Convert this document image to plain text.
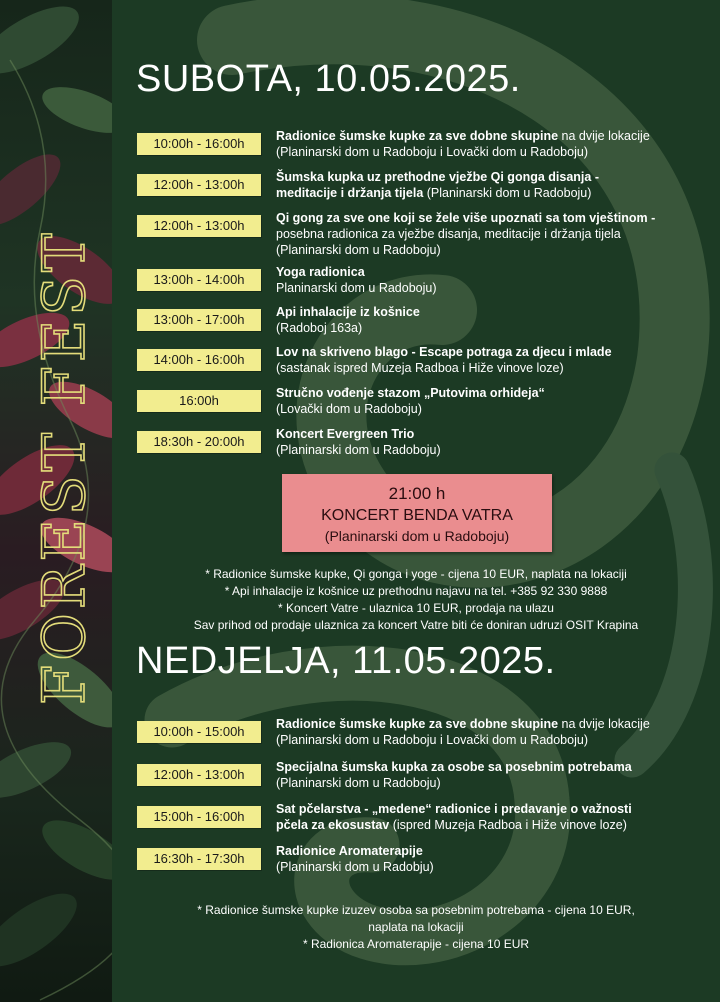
FOREST FEST
SUBOTA, 10.05.2025.
10:00h - 16:00h	Radionice šumske kupke za sve dobne skupine na dvije lokacije
(Planinarski dom u Radoboju i Lovački dom u Radoboju)
12:00h - 13:00h	Šumska kupka uz prethodne vježbe Qi gonga disanja -
meditacije i držanja tijela (Planinarski dom u Radoboju)
12:00h - 13:00h	Qi gong za sve one koji se žele više upoznati sa tom vještinom -
posebna radionica za vježbe disanja, meditacije i držanja tijela
(Planinarski dom u Radoboju)
13:00h - 14:00h	Yoga radionica
Planinarski dom u Radoboju)
13:00h - 17:00h	Api inhalacije iz košnice
(Radoboj 163a)
14:00h - 16:00h	Lov na skriveno blago - Escape potraga za djecu i mlade
(sastanak ispred Muzeja Radboa i Hiže vinove loze)
16:00h	Stručno vođenje stazom „Putovima orhideja“
(Lovački dom u Radoboju)
18:30h - 20:00h	Koncert Evergreen Trio
(Planinarski dom u Radoboju)
21:00 h
KONCERT BENDA VATRA
(Planinarski dom u Radoboju)
* Radionice šumske kupke, Qi gonga i yoge - cijena 10 EUR, naplata na lokaciji
* Api inhalacije iz košnice uz prethodnu najavu na tel. +385 92 330 9888
* Koncert Vatre - ulaznica 10 EUR, prodaja na ulazu
Sav prihod od prodaje ulaznica za koncert Vatre biti će doniran udruzi OSIT Krapina
NEDJELJA, 11.05.2025.
10:00h - 15:00h	Radionice šumske kupke za sve dobne skupine na dvije lokacije
(Planinarski dom u Radoboju i Lovački dom u Radoboju)
12:00h - 13:00h	Specijalna šumska kupka za osobe sa posebnim potrebama
(Planinarski dom u Radoboju)
15:00h - 16:00h	Sat pčelarstva - „medene“ radionice i predavanje o važnosti
pčela za ekosustav (ispred Muzeja Radboa i Hiže vinove loze)
16:30h - 17:30h	Radionice Aromaterapije
(Planinarski dom u Radobju)
* Radionice šumske kupke izuzev osoba sa posebnim potrebama - cijena 10 EUR,
naplata na lokaciji
* Radionica Aromaterapije - cijena 10 EUR
